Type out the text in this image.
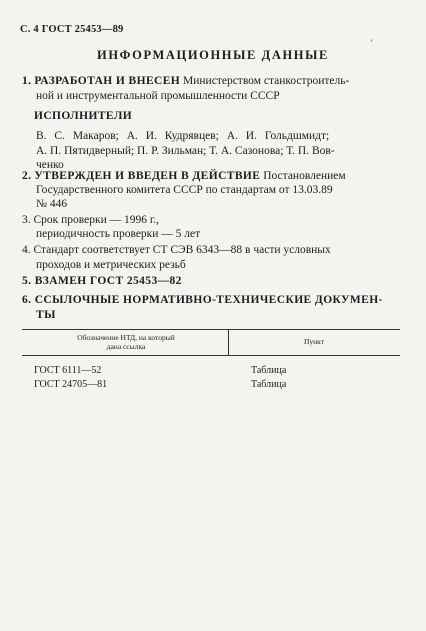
С. 4 ГОСТ 25453—89
ʼ
ИНФОРМАЦИОННЫЕ ДАННЫЕ
1. РАЗРАБОТАН И ВНЕСЕН Министерством станкостроитель-
ной и инструментальной промышленности СССР
ИСПОЛНИТЕЛИ
В. С. Макаров; А. И. Кудрявцев; А. И. Гольдшмидт;
А. П. Пятидверный; П. Р. Зильман; Т. А. Сазонова; Т. П. Вов-
ченко
2. УТВЕРЖДЕН И ВВЕДЕН В ДЕЙСТВИЕ Постановлением
Государственного комитета СССР по стандартам от 13.03.89
№ 446
3. Срок проверки — 1996 г.,
периодичность проверки — 5 лет
4. Стандарт соответствует СТ СЭВ 6343—88 в части условных
проходов и метрических резьб
5. ВЗАМЕН ГОСТ 25453—82
6. ССЫЛОЧНЫЕ НОРМАТИВНО-ТЕХНИЧЕСКИЕ ДОКУМЕН-
ТЫ
Обозначение НТД, на который
дана ссылка
Пункт
ГОСТ 6111—52	Таблица
ГОСТ 24705—81	Таблица
